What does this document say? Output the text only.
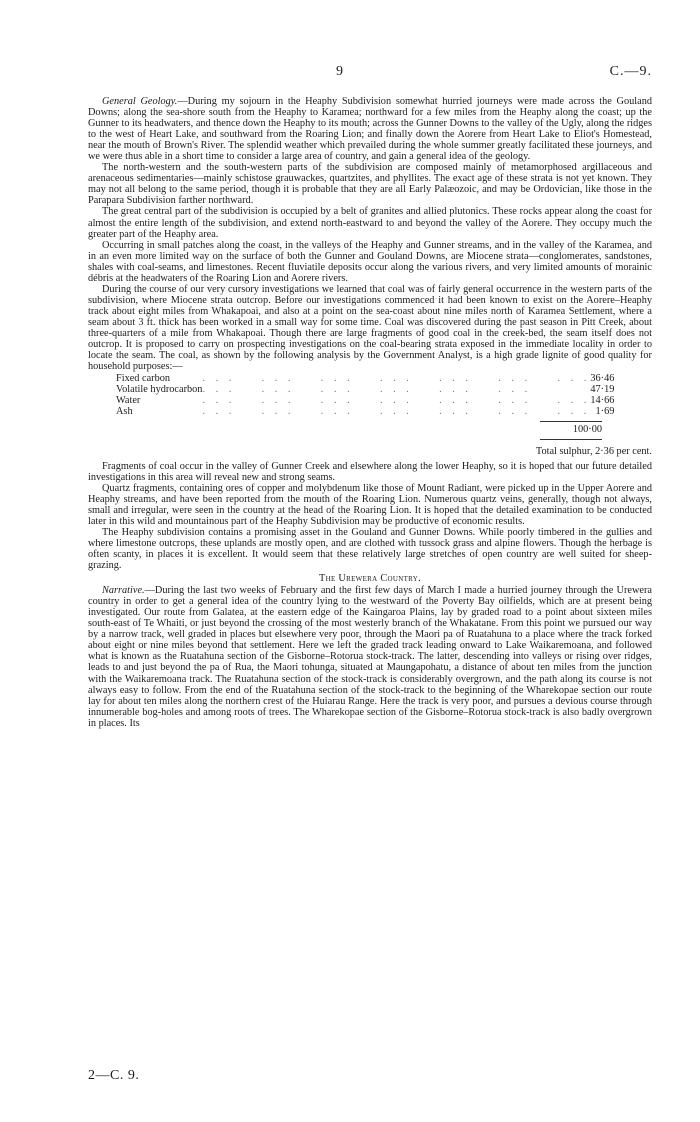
9	C.—9.

General Geology.—During my sojourn in the Heaphy Subdivision somewhat hurried journeys were made across the Gouland Downs; along the sea-shore south from the Heaphy to Karamea; northward for a few miles from the Heaphy along the coast; up the Gunner to its headwaters, and thence down the Heaphy to its mouth; across the Gunner Downs to the valley of the Ugly, along the ridges to the west of Heart Lake, and southward from the Roaring Lion; and finally down the Aorere from Heart Lake to Eliot's Homestead, near the mouth of Brown's River. The splendid weather which prevailed during the whole summer greatly facilitated these journeys, and we were thus able in a short time to consider a large area of country, and gain a general idea of the geology.

The north-western and the south-western parts of the subdivision are composed mainly of metamorphosed argillaceous and arenaceous sedimentaries—mainly schistose grauwackes, quartzites, and phyllites. The exact age of these strata is not yet known. They may not all belong to the same period, though it is probable that they are all Early Palæozoic, and may be Ordovician, like those in the Parapara Subdivision farther northward.

The great central part of the subdivision is occupied by a belt of granites and allied plutonics. These rocks appear along the coast for almost the entire length of the subdivision, and extend north-eastward to and beyond the valley of the Aorere. They occupy much the greater part of the Heaphy area.

Occurring in small patches along the coast, in the valleys of the Heaphy and Gunner streams, and in the valley of the Karamea, and in an even more limited way on the surface of both the Gunner and Gouland Downs, are Miocene strata—conglomerates, sandstones, shales with coal-seams, and limestones. Recent fluviatile deposits occur along the various rivers, and very limited amounts of morainic débris at the headwaters of the Roaring Lion and Aorere rivers.

During the course of our very cursory investigations we learned that coal was of fairly general occurrence in the western parts of the subdivision, where Miocene strata outcrop. Before our investigations commenced it had been known to exist on the Aorere–Heaphy track about eight miles from Whakapoai, and also at a point on the sea-coast about nine miles north of Karamea Settlement, where a seam about 3 ft. thick has been worked in a small way for some time. Coal was discovered during the past season in Pitt Creek, about three-quarters of a mile from Whakapoai. Though there are large fragments of good coal in the creek-bed, the seam itself does not outcrop. It is proposed to carry on prospecting investigations on the coal-bearing strata exposed in the immediate locality in order to locate the seam. The coal, as shown by the following analysis by the Government Analyst, is a high grade lignite of good quality for household purposes:—

Fixed carbon	. . .    . . .    . . .    . . .    . . .    . . .    . . .	36·46
Volatile hydrocarbon	. . .    . . .    . . .    . . .    . . .    . . .	47·19
Water	. . .    . . .    . . .    . . .    . . .    . . .    . . .	14·66
Ash	. . .    . . .    . . .    . . .    . . .    . . .    . . .	1·69
100·00
Total sulphur, 2·36 per cent.

Fragments of coal occur in the valley of Gunner Creek and elsewhere along the lower Heaphy, so it is hoped that our future detailed investigations in this area will reveal new and strong seams.

Quartz fragments, containing ores of copper and molybdenum like those of Mount Radiant, were picked up in the Upper Aorere and Heaphy streams, and have been reported from the mouth of the Roaring Lion. Numerous quartz veins, generally, though not always, small and irregular, were seen in the country at the head of the Roaring Lion. It is hoped that the detailed examination to be conducted later in this wild and mountainous part of the Heaphy Subdivision may be productive of economic results.

The Heaphy subdivision contains a promising asset in the Gouland and Gunner Downs. While poorly timbered in the gullies and where limestone outcrops, these uplands are mostly open, and are clothed with tussock grass and alpine flowers. Though the herbage is often scanty, in places it is excellent. It would seem that these relatively large stretches of open country are well suited for sheep-grazing.

The Urewera Country.

Narrative.—During the last two weeks of February and the first few days of March I made a hurried journey through the Urewera country in order to get a general idea of the country lying to the westward of the Poverty Bay oilfields, which are at present being investigated. Our route from Galatea, at the eastern edge of the Kaingaroa Plains, lay by graded road to a point about sixteen miles south-east of Te Whaiti, or just beyond the crossing of the most westerly branch of the Whakatane. From this point we pursued our way by a narrow track, well graded in places but elsewhere very poor, through the Maori pa of Ruatahuna to a place where the track forked about eight or nine miles beyond that settlement. Here we left the graded track leading onward to Lake Waikaremoana, and followed what is known as the Ruatahuna section of the Gisborne–Rotorua stock-track. The latter, descending into valleys or rising over ridges, leads to and just beyond the pa of Rua, the Maori tohunga, situated at Maungapohatu, a distance of about ten miles from the junction with the Waikaremoana track. The Ruatahuna section of the stock-track is considerably overgrown, and the path along its course is not always easy to follow. From the end of the Ruatahuna section of the stock-track to the beginning of the Wharekopae section our route lay for about ten miles along the northern crest of the Huiarau Range. Here the track is very poor, and pursues a devious course through innumerable bog-holes and among roots of trees. The Wharekopae section of the Gisborne–Rotorua stock-track is also badly overgrown in places. Its

2—C. 9.
